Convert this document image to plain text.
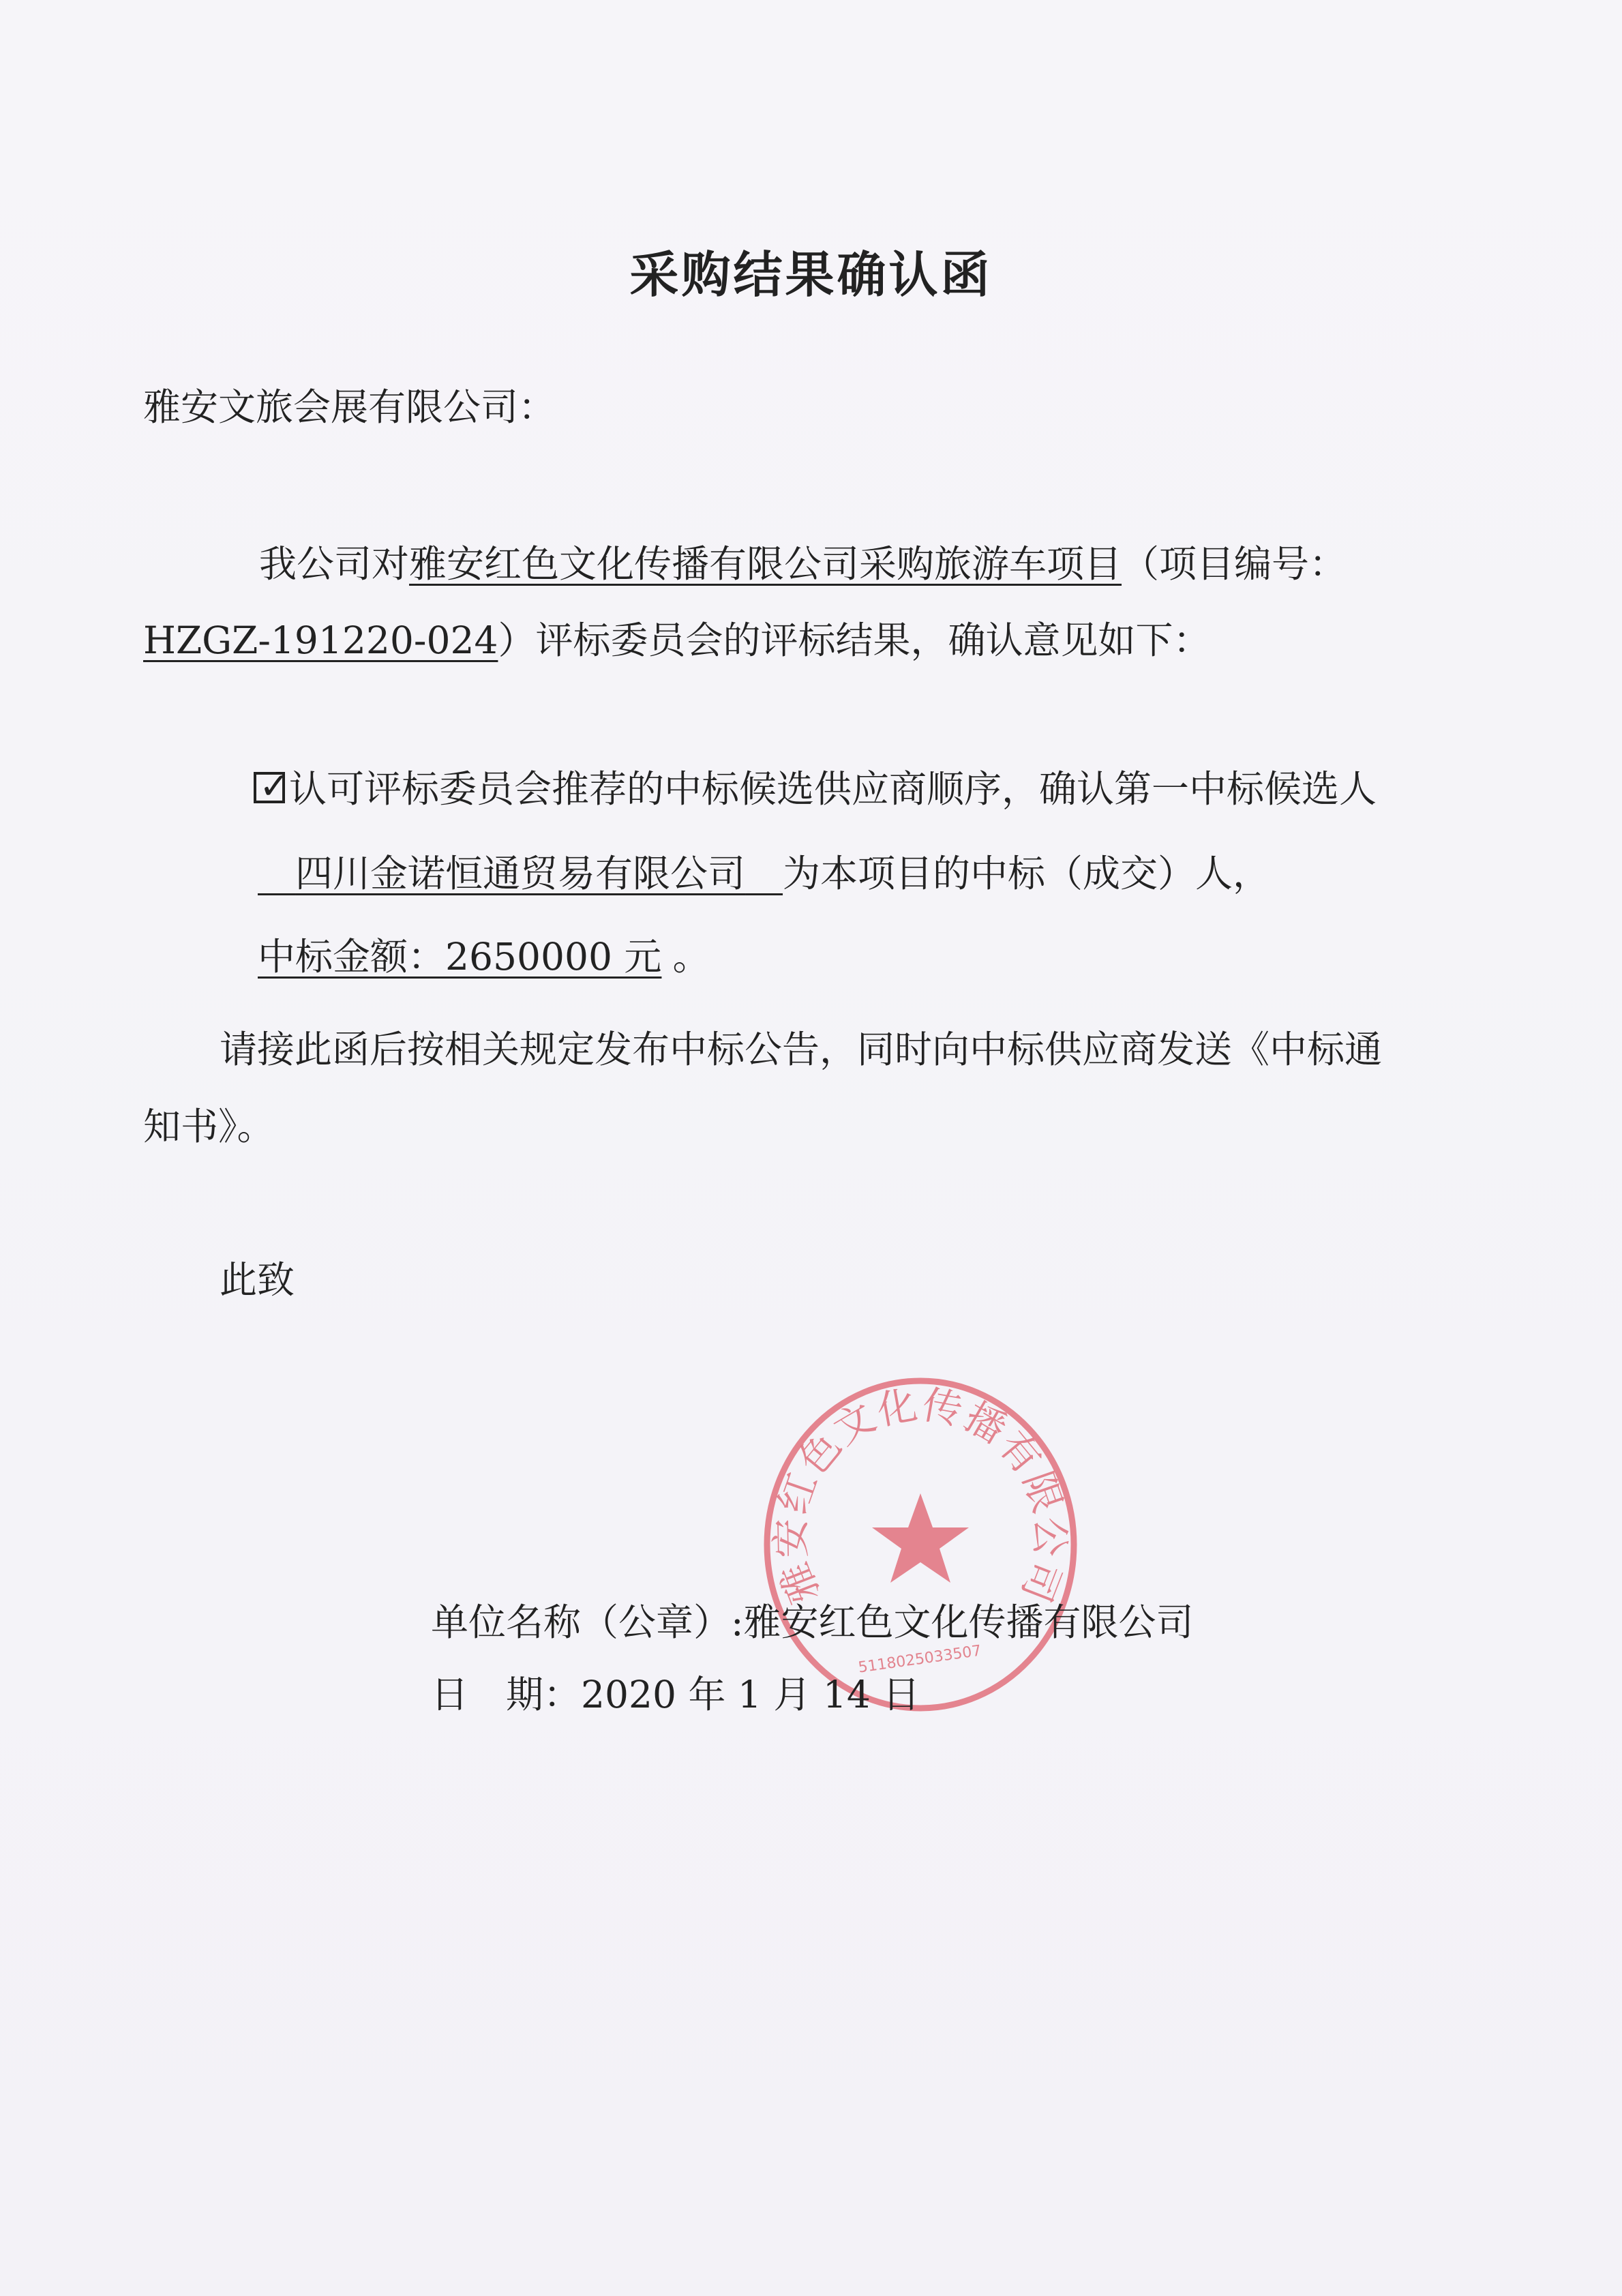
采购结果确认函
雅安文旅会展有限公司：
我公司对雅安红色文化传播有限公司采购旅游车项目（项目编号：
HZGZ-191220-024）评标委员会的评标结果，确认意见如下：
✓
认可评标委员会推荐的中标候选供应商顺序，确认第一中标候选人
　四川金诺恒通贸易有限公司　 为本项目的中标（成交）人，
中标金额：2650000 元 。
请接此函后按相关规定发布中标公告，同时向中标供应商发送《中标通
知书》。
此致
雅安红色文化传播有限公司
5118025033507
单位名称（公章）:雅安红色文化传播有限公司
日　期：2020 年 1 月 14 日
